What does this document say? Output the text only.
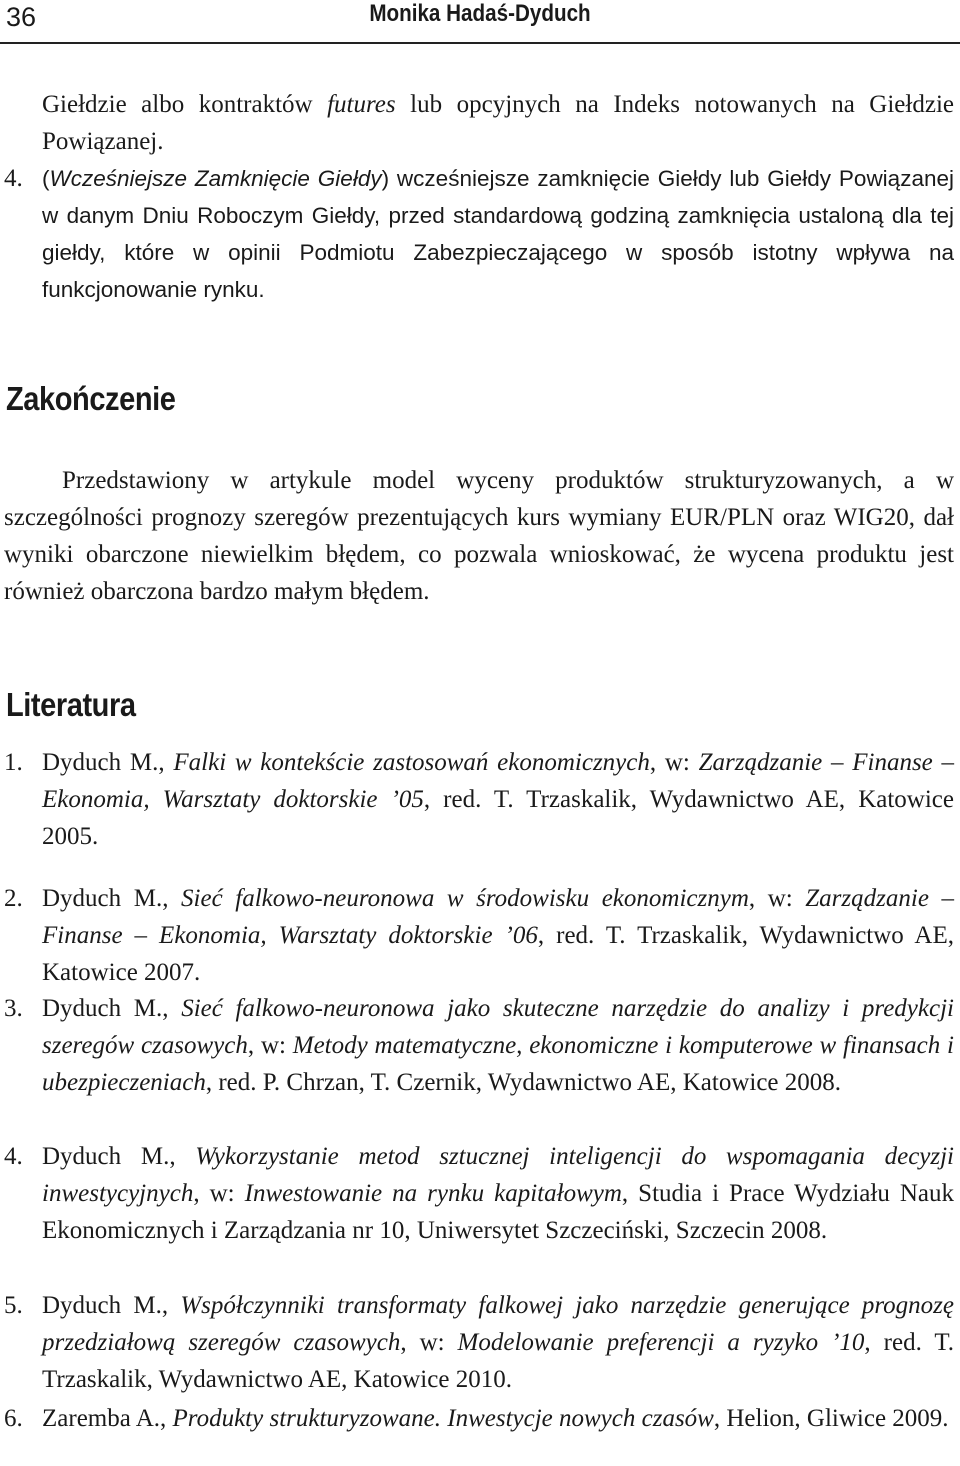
36	Monika Hadaś-Dyduch
Giełdzie albo kontraktów futures lub opcyjnych na Indeks notowanych na Giełdzie Powiązanej.
4. (Wcześniejsze Zamknięcie Giełdy) wcześniejsze zamknięcie Giełdy lub Giełdy Powiązanej w danym Dniu Roboczym Giełdy, przed standardową godziną zamknięcia ustaloną dla tej giełdy, które w opinii Podmiotu Zabezpieczającego w sposób istotny wpływa na funkcjonowanie rynku.
Zakończenie
Przedstawiony w artykule model wyceny produktów strukturyzowanych, a w szczególności prognozy szeregów prezentujących kurs wymiany EUR/PLN oraz WIG20, dał wyniki obarczone niewielkim błędem, co pozwala wnioskować, że wycena produktu jest również obarczona bardzo małym błędem.
Literatura
1. Dyduch M., Falki w kontekście zastosowań ekonomicznych, w: Zarządzanie – Finanse – Ekonomia, Warsztaty doktorskie ’05, red. T. Trzaskalik, Wydawnictwo AE, Katowice 2005.
2. Dyduch M., Sieć falkowo-neuronowa w środowisku ekonomicznym, w: Zarządzanie – Finanse – Ekonomia, Warsztaty doktorskie ’06, red. T. Trzaskalik, Wydawnictwo AE, Katowice 2007.
3. Dyduch M., Sieć falkowo-neuronowa jako skuteczne narzędzie do analizy i predykcji szeregów czasowych, w: Metody matematyczne, ekonomiczne i komputerowe w finansach i ubezpieczeniach, red. P. Chrzan, T. Czernik, Wydawnictwo AE, Katowice 2008.
4. Dyduch M., Wykorzystanie metod sztucznej inteligencji do wspomagania decyzji inwestycyjnych, w: Inwestowanie na rynku kapitałowym, Studia i Prace Wydziału Nauk Ekonomicznych i Zarządzania nr 10, Uniwersytet Szczeciński, Szczecin 2008.
5. Dyduch M., Współczynniki transformaty falkowej jako narzędzie generujące prognozę przedziałową szeregów czasowych, w: Modelowanie preferencji a ryzyko ’10, red. T. Trzaskalik, Wydawnictwo AE, Katowice 2010.
6. Zaremba A., Produkty strukturyzowane. Inwestycje nowych czasów, Helion, Gliwice 2009.
